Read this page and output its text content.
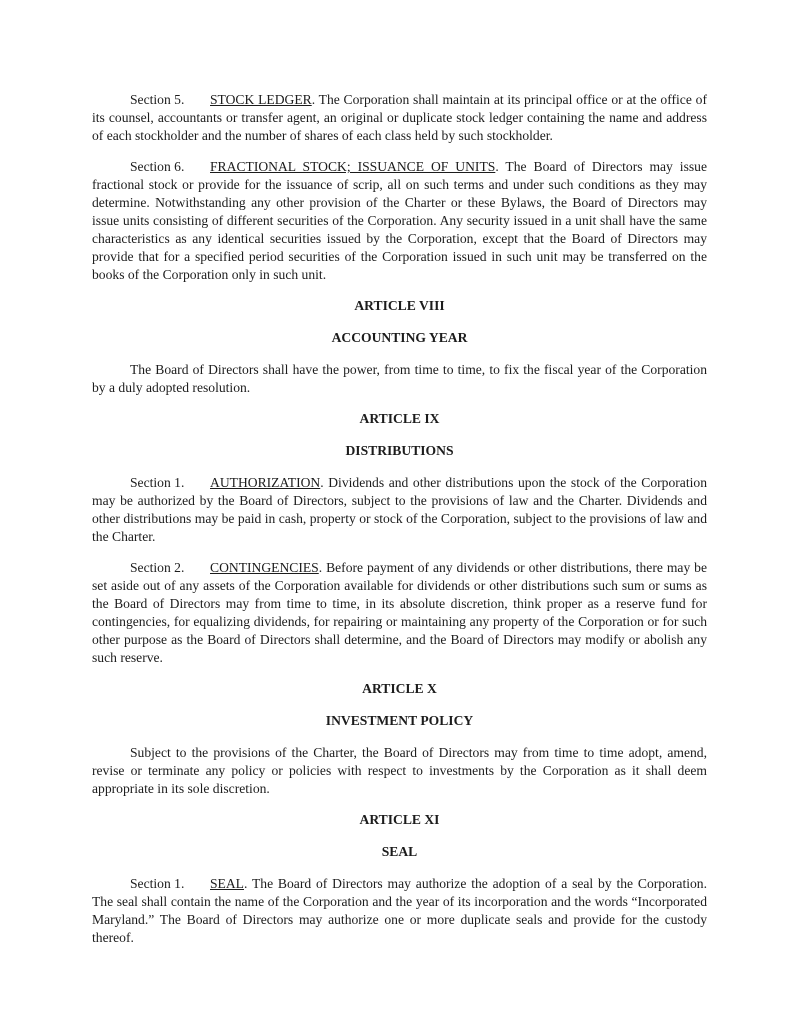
Section 5. STOCK LEDGER. The Corporation shall maintain at its principal office or at the office of its counsel, accountants or transfer agent, an original or duplicate stock ledger containing the name and address of each stockholder and the number of shares of each class held by such stockholder.

Section 6. FRACTIONAL STOCK; ISSUANCE OF UNITS. The Board of Directors may issue fractional stock or provide for the issuance of scrip, all on such terms and under such conditions as they may determine. Notwithstanding any other provision of the Charter or these Bylaws, the Board of Directors may issue units consisting of different securities of the Corporation. Any security issued in a unit shall have the same characteristics as any identical securities issued by the Corporation, except that the Board of Directors may provide that for a specified period securities of the Corporation issued in such unit may be transferred on the books of the Corporation only in such unit.

ARTICLE VIII
ACCOUNTING YEAR

The Board of Directors shall have the power, from time to time, to fix the fiscal year of the Corporation by a duly adopted resolution.

ARTICLE IX
DISTRIBUTIONS

Section 1. AUTHORIZATION. Dividends and other distributions upon the stock of the Corporation may be authorized by the Board of Directors, subject to the provisions of law and the Charter. Dividends and other distributions may be paid in cash, property or stock of the Corporation, subject to the provisions of law and the Charter.

Section 2. CONTINGENCIES. Before payment of any dividends or other distributions, there may be set aside out of any assets of the Corporation available for dividends or other distributions such sum or sums as the Board of Directors may from time to time, in its absolute discretion, think proper as a reserve fund for contingencies, for equalizing dividends, for repairing or maintaining any property of the Corporation or for such other purpose as the Board of Directors shall determine, and the Board of Directors may modify or abolish any such reserve.

ARTICLE X
INVESTMENT POLICY

Subject to the provisions of the Charter, the Board of Directors may from time to time adopt, amend, revise or terminate any policy or policies with respect to investments by the Corporation as it shall deem appropriate in its sole discretion.

ARTICLE XI
SEAL

Section 1. SEAL. The Board of Directors may authorize the adoption of a seal by the Corporation. The seal shall contain the name of the Corporation and the year of its incorporation and the words “Incorporated Maryland.” The Board of Directors may authorize one or more duplicate seals and provide for the custody thereof.
